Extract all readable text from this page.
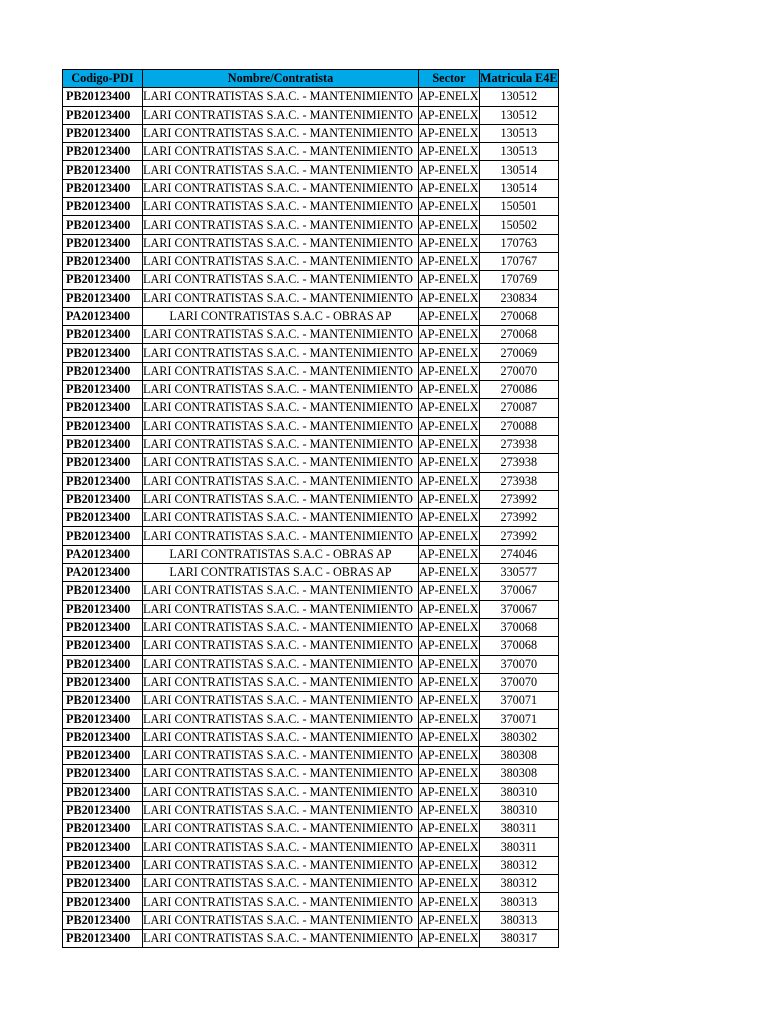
Codigo-PDI	Nombre/Contratista	Sector	Matricula E4E
PB20123400	LARI CONTRATISTAS S.A.C. - MANTENIMIENTO	AP-ENELX	130512
PB20123400	LARI CONTRATISTAS S.A.C. - MANTENIMIENTO	AP-ENELX	130512
PB20123400	LARI CONTRATISTAS S.A.C. - MANTENIMIENTO	AP-ENELX	130513
PB20123400	LARI CONTRATISTAS S.A.C. - MANTENIMIENTO	AP-ENELX	130513
PB20123400	LARI CONTRATISTAS S.A.C. - MANTENIMIENTO	AP-ENELX	130514
PB20123400	LARI CONTRATISTAS S.A.C. - MANTENIMIENTO	AP-ENELX	130514
PB20123400	LARI CONTRATISTAS S.A.C. - MANTENIMIENTO	AP-ENELX	150501
PB20123400	LARI CONTRATISTAS S.A.C. - MANTENIMIENTO	AP-ENELX	150502
PB20123400	LARI CONTRATISTAS S.A.C. - MANTENIMIENTO	AP-ENELX	170763
PB20123400	LARI CONTRATISTAS S.A.C. - MANTENIMIENTO	AP-ENELX	170767
PB20123400	LARI CONTRATISTAS S.A.C. - MANTENIMIENTO	AP-ENELX	170769
PB20123400	LARI CONTRATISTAS S.A.C. - MANTENIMIENTO	AP-ENELX	230834
PA20123400	LARI CONTRATISTAS S.A.C - OBRAS AP	AP-ENELX	270068
PB20123400	LARI CONTRATISTAS S.A.C. - MANTENIMIENTO	AP-ENELX	270068
PB20123400	LARI CONTRATISTAS S.A.C. - MANTENIMIENTO	AP-ENELX	270069
PB20123400	LARI CONTRATISTAS S.A.C. - MANTENIMIENTO	AP-ENELX	270070
PB20123400	LARI CONTRATISTAS S.A.C. - MANTENIMIENTO	AP-ENELX	270086
PB20123400	LARI CONTRATISTAS S.A.C. - MANTENIMIENTO	AP-ENELX	270087
PB20123400	LARI CONTRATISTAS S.A.C. - MANTENIMIENTO	AP-ENELX	270088
PB20123400	LARI CONTRATISTAS S.A.C. - MANTENIMIENTO	AP-ENELX	273938
PB20123400	LARI CONTRATISTAS S.A.C. - MANTENIMIENTO	AP-ENELX	273938
PB20123400	LARI CONTRATISTAS S.A.C. - MANTENIMIENTO	AP-ENELX	273938
PB20123400	LARI CONTRATISTAS S.A.C. - MANTENIMIENTO	AP-ENELX	273992
PB20123400	LARI CONTRATISTAS S.A.C. - MANTENIMIENTO	AP-ENELX	273992
PB20123400	LARI CONTRATISTAS S.A.C. - MANTENIMIENTO	AP-ENELX	273992
PA20123400	LARI CONTRATISTAS S.A.C - OBRAS AP	AP-ENELX	274046
PA20123400	LARI CONTRATISTAS S.A.C - OBRAS AP	AP-ENELX	330577
PB20123400	LARI CONTRATISTAS S.A.C. - MANTENIMIENTO	AP-ENELX	370067
PB20123400	LARI CONTRATISTAS S.A.C. - MANTENIMIENTO	AP-ENELX	370067
PB20123400	LARI CONTRATISTAS S.A.C. - MANTENIMIENTO	AP-ENELX	370068
PB20123400	LARI CONTRATISTAS S.A.C. - MANTENIMIENTO	AP-ENELX	370068
PB20123400	LARI CONTRATISTAS S.A.C. - MANTENIMIENTO	AP-ENELX	370070
PB20123400	LARI CONTRATISTAS S.A.C. - MANTENIMIENTO	AP-ENELX	370070
PB20123400	LARI CONTRATISTAS S.A.C. - MANTENIMIENTO	AP-ENELX	370071
PB20123400	LARI CONTRATISTAS S.A.C. - MANTENIMIENTO	AP-ENELX	370071
PB20123400	LARI CONTRATISTAS S.A.C. - MANTENIMIENTO	AP-ENELX	380302
PB20123400	LARI CONTRATISTAS S.A.C. - MANTENIMIENTO	AP-ENELX	380308
PB20123400	LARI CONTRATISTAS S.A.C. - MANTENIMIENTO	AP-ENELX	380308
PB20123400	LARI CONTRATISTAS S.A.C. - MANTENIMIENTO	AP-ENELX	380310
PB20123400	LARI CONTRATISTAS S.A.C. - MANTENIMIENTO	AP-ENELX	380310
PB20123400	LARI CONTRATISTAS S.A.C. - MANTENIMIENTO	AP-ENELX	380311
PB20123400	LARI CONTRATISTAS S.A.C. - MANTENIMIENTO	AP-ENELX	380311
PB20123400	LARI CONTRATISTAS S.A.C. - MANTENIMIENTO	AP-ENELX	380312
PB20123400	LARI CONTRATISTAS S.A.C. - MANTENIMIENTO	AP-ENELX	380312
PB20123400	LARI CONTRATISTAS S.A.C. - MANTENIMIENTO	AP-ENELX	380313
PB20123400	LARI CONTRATISTAS S.A.C. - MANTENIMIENTO	AP-ENELX	380313
PB20123400	LARI CONTRATISTAS S.A.C. - MANTENIMIENTO	AP-ENELX	380317
